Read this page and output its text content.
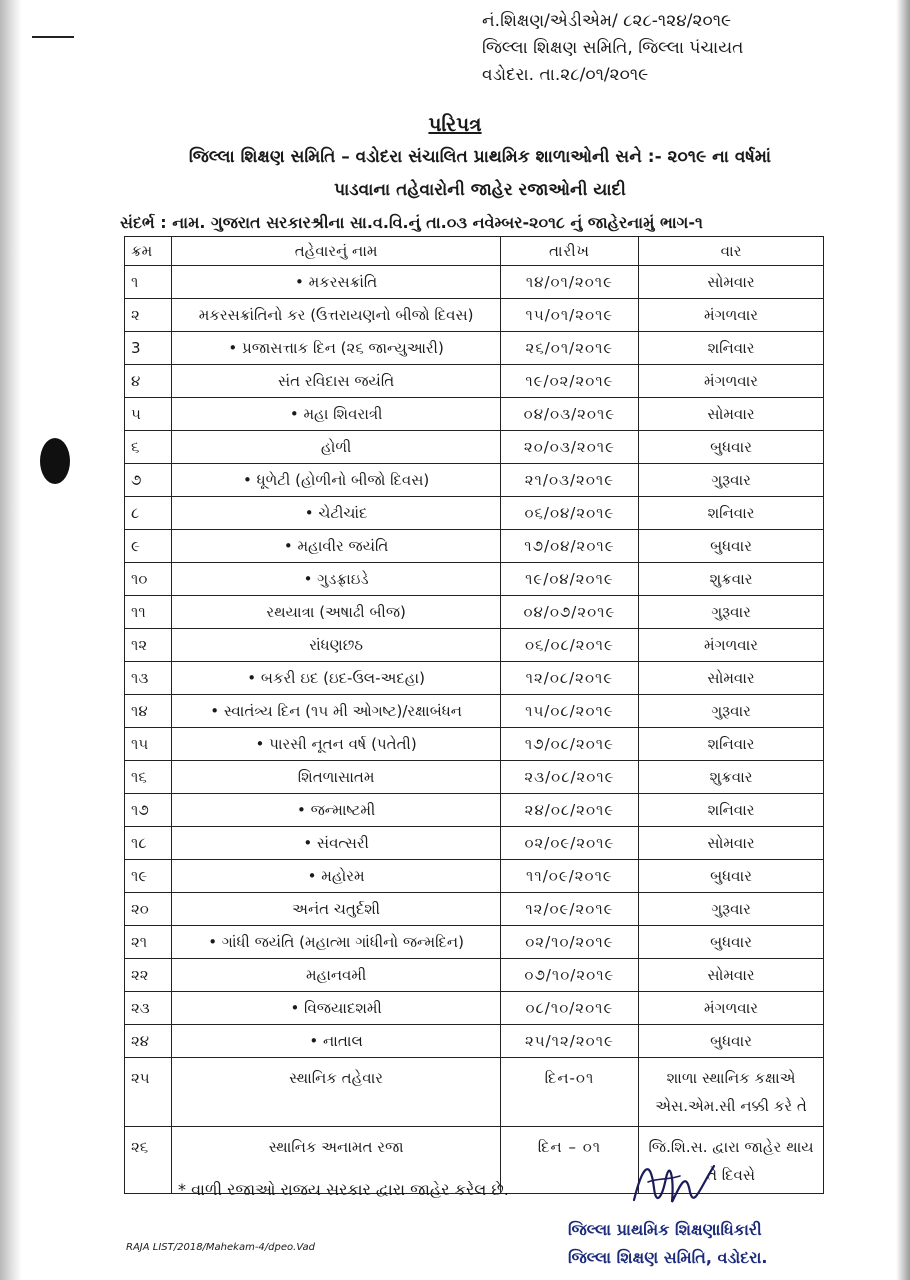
નં.શિક્ષણ/એડીએમ/ ૮૨૮-૧૨૪/૨૦૧૯
જિલ્લા શિક્ષણ સમિતિ, જિલ્લા પંચાયત
વડોદરા. તા.૨૮/૦૧/૨૦૧૯
પરિપત્ર
જિલ્લા શિક્ષણ સમિતિ – વડોદરા સંચાલિત પ્રાથમિક શાળાઓની સને :- ૨૦૧૯ ના વર્ષમાં
પાડવાના તહેવારોની જાહેર રજાઓની યાદી
સંદર્ભ : નામ. ગુજરાત સરકારશ્રીના સા.વ.વિ.નું તા.૦૩ નવેમ્બર-૨૦૧૮ નું જાહેરનામું ભાગ-૧
ક્રમ	તહેવારનું નામ	તારીખ	વાર
૧	• મકરસક્રાંતિ	૧૪/૦૧/૨૦૧૯	સોમવાર
૨	મકરસક્રાંતિનો કર (ઉત્તરાયણનો બીજો દિવસ)	૧૫/૦૧/૨૦૧૯	મંગળવાર
3	• પ્રજાસત્તાક દિન (૨૬ જાન્યુઆરી)	૨૬/૦૧/૨૦૧૯	શનિવાર
૪	સંત રવિદાસ જયંતિ	૧૯/૦૨/૨૦૧૯	મંગળવાર
૫	• મહા શિવરાત્રી	૦૪/૦૩/૨૦૧૯	સોમવાર
૬	હોળી	૨૦/૦૩/૨૦૧૯	બુધવાર
૭	• ધૂળેટી (હોળીનો બીજો દિવસ)	૨૧/૦૩/૨૦૧૯	ગુરૂવાર
૮	• ચેટીચાંદ	૦૬/૦૪/૨૦૧૯	શનિવાર
૯	• મહાવીર જયંતિ	૧૭/૦૪/૨૦૧૯	બુધવાર
૧૦	• ગુડફ્રાઇડે	૧૯/૦૪/૨૦૧૯	શુક્રવાર
૧૧	રથયાત્રા (અષાઢી બીજ)	૦૪/૦૭/૨૦૧૯	ગુરૂવાર
૧૨	રાંધણછઠ	૦૬/૦૮/૨૦૧૯	મંગળવાર
૧૩	• બકરી ઇદ (ઇદ-ઉલ-અદહા)	૧૨/૦૮/૨૦૧૯	સોમવાર
૧૪	• સ્વાતંત્ર્ય દિન (૧૫ મી ઓગષ્ટ)/રક્ષાબંધન	૧૫/૦૮/૨૦૧૯	ગુરૂવાર
૧૫	• પારસી નૂતન વર્ષ (પતેતી)	૧૭/૦૮/૨૦૧૯	શનિવાર
૧૬	શિતળાસાતમ	૨૩/૦૮/૨૦૧૯	શુક્રવાર
૧૭	• જન્માષ્ટમી	૨૪/૦૮/૨૦૧૯	શનિવાર
૧૮	• સંવત્સરી	૦૨/૦૯/૨૦૧૯	સોમવાર
૧૯	• મહોરમ	૧૧/૦૯/૨૦૧૯	બુધવાર
૨૦	અનંત ચતુર્દશી	૧૨/૦૯/૨૦૧૯	ગુરૂવાર
૨૧	• ગાંધી જયંતિ (મહાત્મા ગાંધીનો જન્મદિન)	૦૨/૧૦/૨૦૧૯	બુધવાર
૨૨	મહાનવમી	૦૭/૧૦/૨૦૧૯	સોમવાર
૨૩	• વિજયાદશમી	૦૮/૧૦/૨૦૧૯	મંગળવાર
૨૪	• નાતાલ	૨૫/૧૨/૨૦૧૯	બુધવાર
૨૫	સ્થાનિક તહેવાર	દિન-૦૧	શાળા સ્થાનિક કક્ષાએ
એસ.એમ.સી નક્કી કરે તે

૨૬	સ્થાનિક અનામત રજા	દિન – ૦૧	જિ.શિ.સ. દ્વારા જાહેર થાય
તે દિવસે
* વાળી રજાઓ રાજય સરકાર દ્વારા જાહેર કરેલ છે.
જિલ્લા પ્રાથમિક શિક્ષણાધિકારી
જિલ્લા શિક્ષણ સમિતિ, વડોદરા.
RAJA LIST/2018/Mahekam-4/dpeo.Vad
